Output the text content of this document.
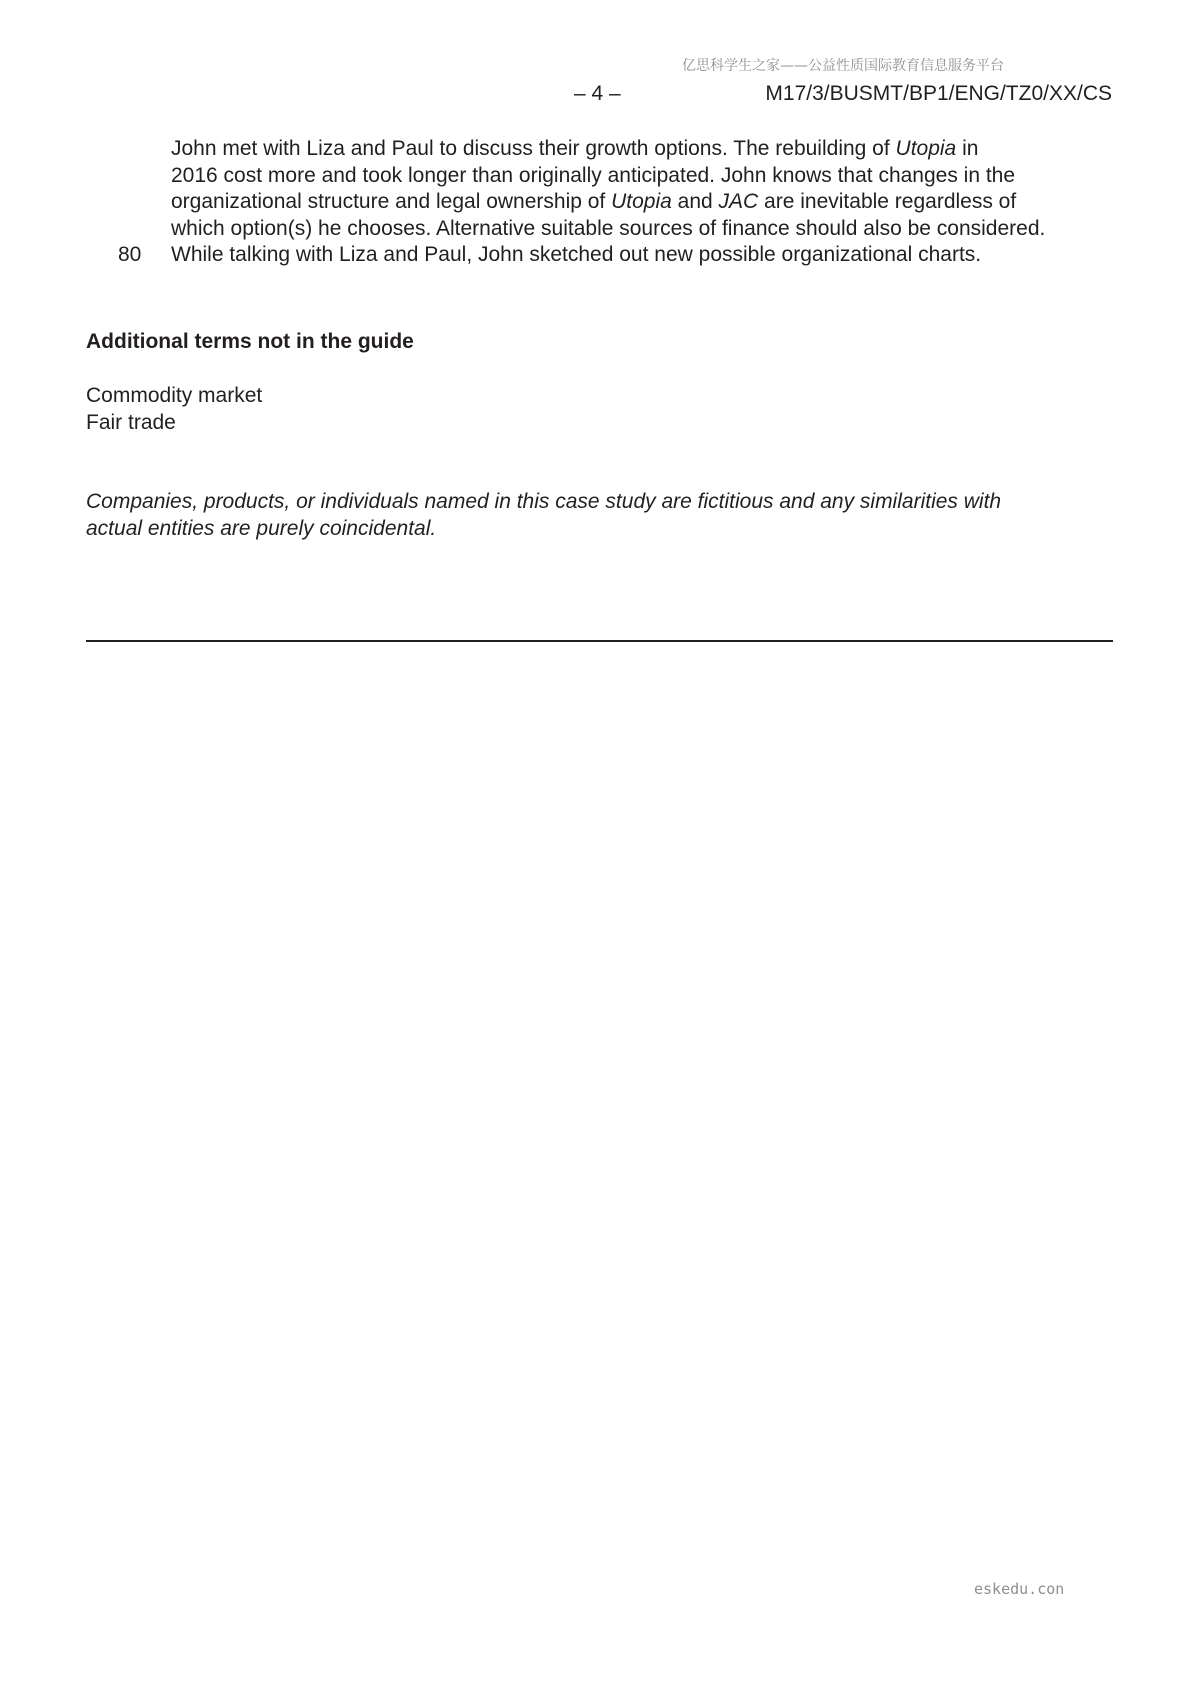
亿思科学生之家——公益性质国际教育信息服务平台
– 4 –	M17/3/BUSMT/BP1/ENG/TZ0/XX/CS
John met with Liza and Paul to discuss their growth options. The rebuilding of Utopia in
2016 cost more and took longer than originally anticipated. John knows that changes in the
organizational structure and legal ownership of Utopia and JAC are inevitable regardless of
which option(s) he chooses. Alternative suitable sources of finance should also be considered.
80 While talking with Liza and Paul, John sketched out new possible organizational charts.
Additional terms not in the guide
Commodity market
Fair trade
Companies, products, or individuals named in this case study are fictitious and any similarities with
actual entities are purely coincidental.
eskedu.con
